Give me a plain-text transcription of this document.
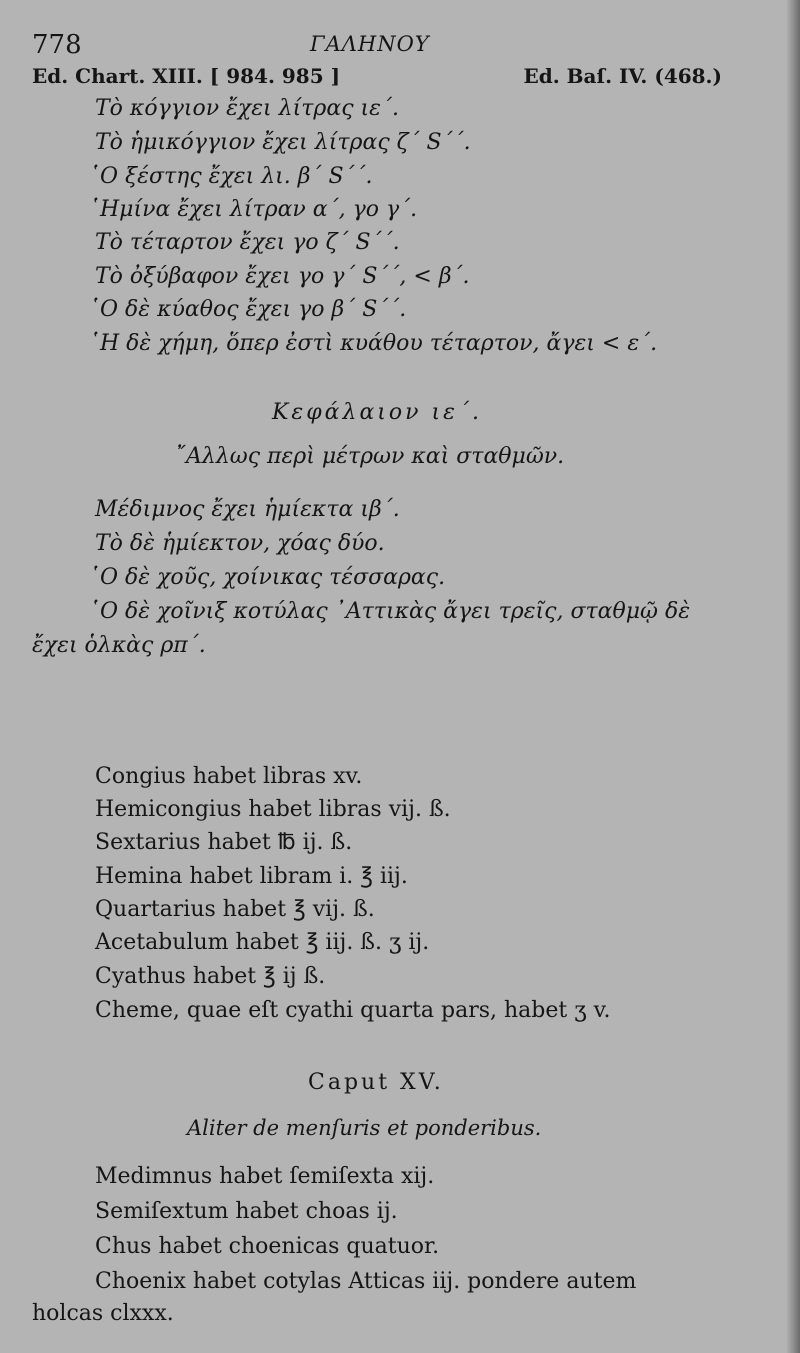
778	ΓΑΛΗΝΟΥ
Ed. Chart. XIII. [ 984. 985 ]	Ed. Baſ. IV. (468.)
Τὸ κόγγιον ἔχει λίτρας ιε΄.
Τὸ ἡμικόγγιον ἔχει λίτρας ζ΄ S΄΄.
῾Ο ξέστης ἔχει λι. β΄ S΄΄.
῾Ημίνα ἔχει λίτραν α΄, γο γ΄.
Τὸ τέταρτον ἔχει γο ζ΄ S΄΄.
Τὸ ὀξύβαφον ἔχει γο γ΄ S΄΄, < β΄.
῾Ο δὲ κύαθος ἔχει γο β΄ S΄΄.
῾Η δὲ χήμη, ὅπερ ἐστὶ κυάθου τέταρτον, ἄγει < ε΄.
Κεφάλαιον ιε΄.
῎Αλλως περὶ μέτρων καὶ σταθμῶν.
Μέδιμνος ἔχει ἡμίεκτα ιβ΄.
Τὸ δὲ ἡμίεκτον, χόας δύο.
῾Ο δὲ χοῦς, χοίνικας τέσσαρας.
῾Ο δὲ χοῖνιξ κοτύλας ᾿Αττικὰς ἄγει τρεῖς, σταθμῷ δὲ
ἔχει ὁλκὰς ρπ΄.
Congius habet libras xv.
Hemicongius habet libras vij. ß.
Sextarius habet ℔ ij. ß.
Hemina habet libram i. ℥ iij.
Quartarius habet ℥ vij. ß.
Acetabulum habet ℥ iij. ß. ʒ ij.
Cyathus habet ℥ ij ß.
Cheme, quae eſt cyathi quarta pars, habet ʒ v.
Caput XV.
Aliter de menſuris et ponderibus.
Medimnus habet ſemiſexta xij.
Semiſextum habet choas ij.
Chus habet choenicas quatuor.
Choenix habet cotylas Atticas iij. pondere autem
holcas clxxx.
